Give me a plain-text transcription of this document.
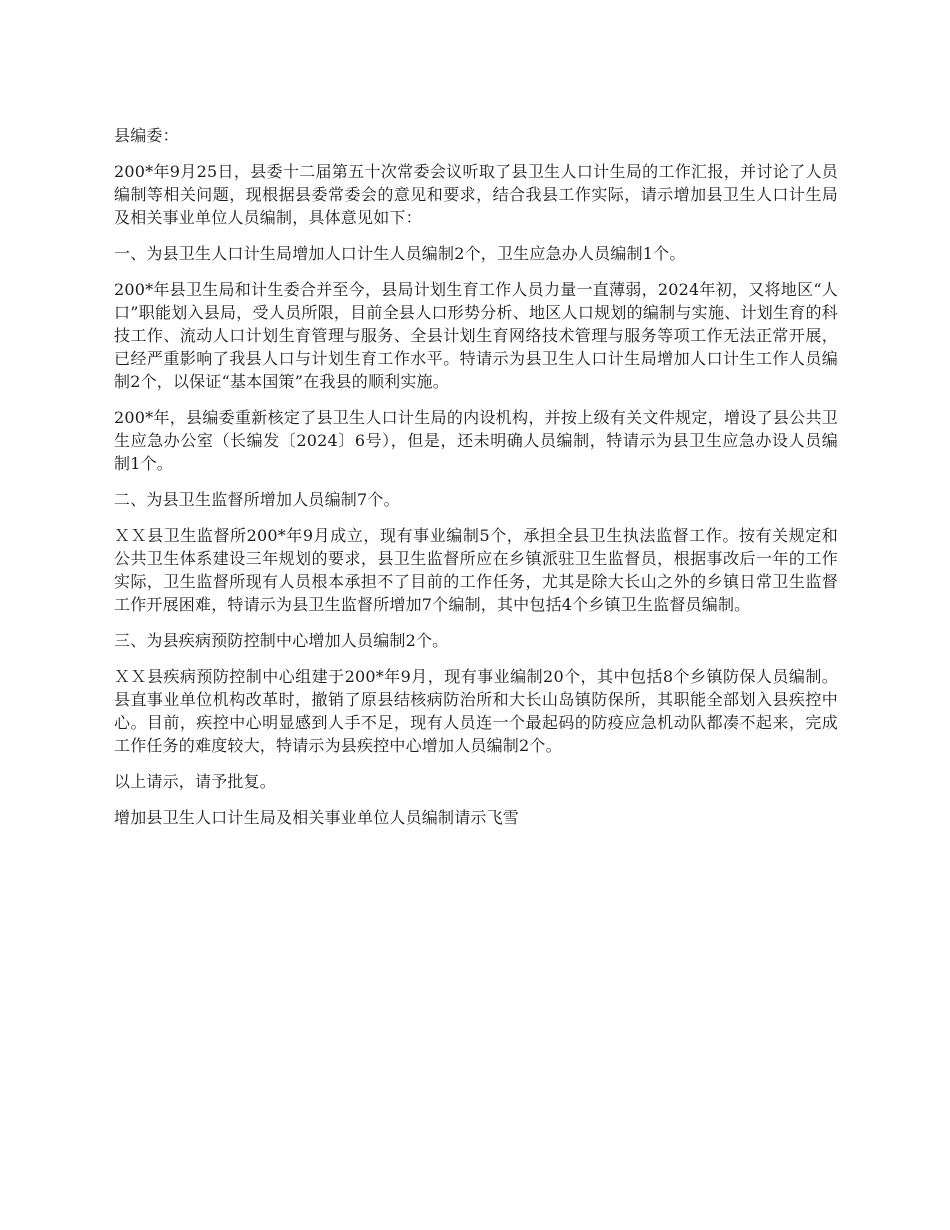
县编委：

200*年9月25日，县委十二届第五十次常委会议听取了县卫生人口计生局的工作汇报，并讨论了人员编制等相关问题，现根据县委常委会的意见和要求，结合我县工作实际，请示增加县卫生人口计生局及相关事业单位人员编制，具体意见如下：

一、为县卫生人口计生局增加人口计生人员编制2个，卫生应急办人员编制1个。

200*年县卫生局和计生委合并至今，县局计划生育工作人员力量一直薄弱，2024年初，又将地区“人口”职能划入县局，受人员所限，目前全县人口形势分析、地区人口规划的编制与实施、计划生育的科技工作、流动人口计划生育管理与服务、全县计划生育网络技术管理与服务等项工作无法正常开展，已经严重影响了我县人口与计划生育工作水平。特请示为县卫生人口计生局增加人口计生工作人员编制2个，以保证“基本国策”在我县的顺利实施。

200*年，县编委重新核定了县卫生人口计生局的内设机构，并按上级有关文件规定，增设了县公共卫生应急办公室（长编发〔2024〕6号），但是，还未明确人员编制，特请示为县卫生应急办设人员编制1个。

二、为县卫生监督所增加人员编制7个。

ＸＸ县卫生监督所200*年9月成立，现有事业编制5个，承担全县卫生执法监督工作。按有关规定和公共卫生体系建设三年规划的要求，县卫生监督所应在乡镇派驻卫生监督员，根据事改后一年的工作实际，卫生监督所现有人员根本承担不了目前的工作任务，尤其是除大长山之外的乡镇日常卫生监督工作开展困难，特请示为县卫生监督所增加7个编制，其中包括4个乡镇卫生监督员编制。

三、为县疾病预防控制中心增加人员编制2个。

ＸＸ县疾病预防控制中心组建于200*年9月，现有事业编制20个，其中包括8个乡镇防保人员编制。县直事业单位机构改革时，撤销了原县结核病防治所和大长山岛镇防保所，其职能全部划入县疾控中心。目前，疾控中心明显感到人手不足，现有人员连一个最起码的防疫应急机动队都凑不起来，完成工作任务的难度较大，特请示为县疾控中心增加人员编制2个。

以上请示，请予批复。

增加县卫生人口计生局及相关事业单位人员编制请示飞雪
